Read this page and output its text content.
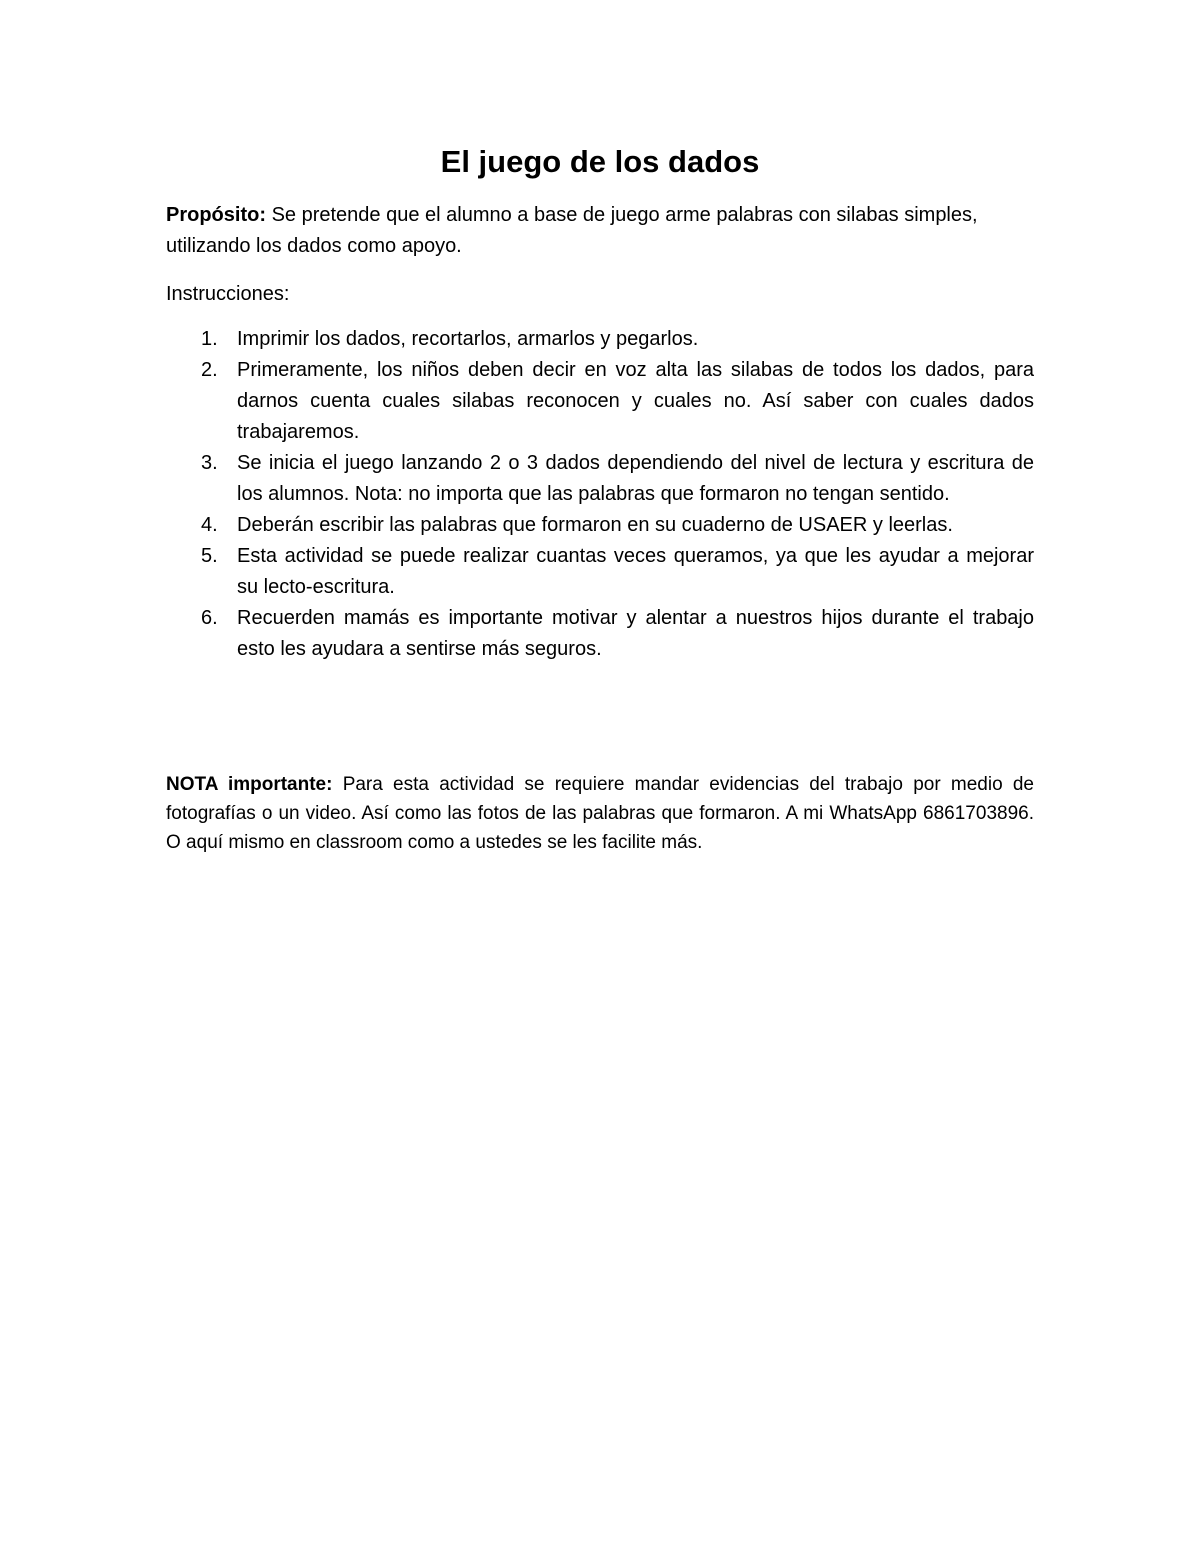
El juego de los dados

Propósito: Se pretende que el alumno a base de juego arme palabras con silabas simples, utilizando los dados como apoyo.

Instrucciones:

1. Imprimir los dados, recortarlos, armarlos y pegarlos.
2. Primeramente, los niños deben decir en voz alta las silabas de todos los dados, para darnos cuenta cuales silabas reconocen y cuales no. Así saber con cuales dados trabajaremos.
3. Se inicia el juego lanzando 2 o 3 dados dependiendo del nivel de lectura y escritura de los alumnos. Nota: no importa que las palabras que formaron no tengan sentido.
4. Deberán escribir las palabras que formaron en su cuaderno de USAER y leerlas.
5. Esta actividad se puede realizar cuantas veces queramos, ya que les ayudar a mejorar su lecto-escritura.
6. Recuerden mamás es importante motivar y alentar a nuestros hijos durante el trabajo esto les ayudara a sentirse más seguros.

NOTA importante: Para esta actividad se requiere mandar evidencias del trabajo por medio de fotografías o un video. Así como las fotos de las palabras que formaron. A mi WhatsApp 6861703896. O aquí mismo en classroom como a ustedes se les facilite más.
